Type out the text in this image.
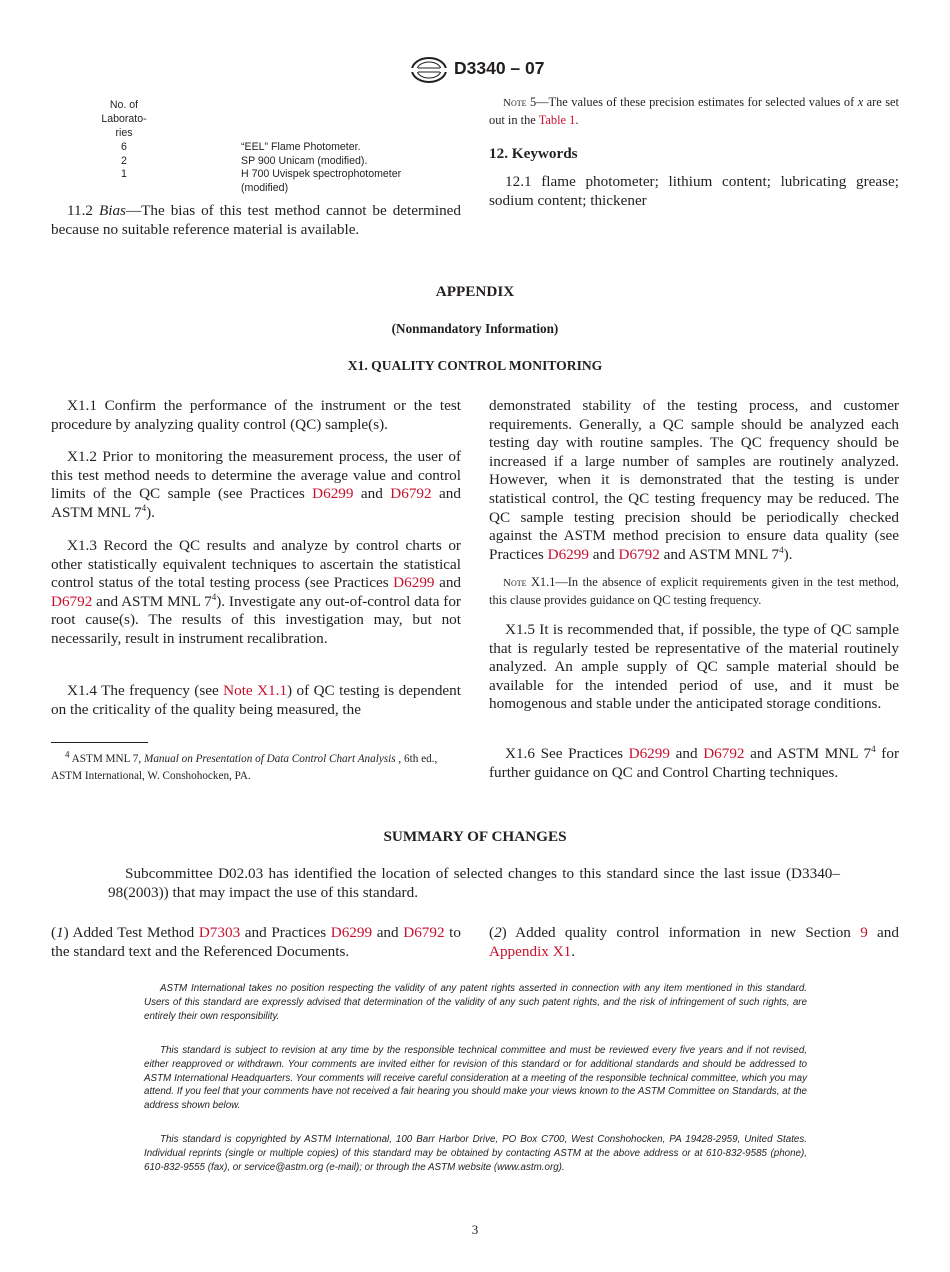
D3340 – 07
No. of
Laborato-
ries
6	“EEL” Flame Photometer.
2	SP 900 Unicam (modified).
1	H 700 Uvispek spectrophotometer
(modified)

11.2 Bias—The bias of this test method cannot be determined because no suitable reference material is available.

Note 5—The values of these precision estimates for selected values of x are set out in the Table 1.

12. Keywords

12.1 flame photometer; lithium content; lubricating grease; sodium content; thickener

APPENDIX
(Nonmandatory Information)
X1. QUALITY CONTROL MONITORING

X1.1 Confirm the performance of the instrument or the test procedure by analyzing quality control (QC) sample(s).

X1.2 Prior to monitoring the measurement process, the user of this test method needs to determine the average value and control limits of the QC sample (see Practices D6299 and D6792 and ASTM MNL $7^4$).

X1.3 Record the QC results and analyze by control charts or other statistically equivalent techniques to ascertain the statistical control status of the total testing process (see Practices D6299 and D6792 and ASTM MNL $7^4$). Investigate any out-of-control data for root cause(s). The results of this investigation may, but not necessarily, result in instrument recalibration.

X1.4 The frequency (see Note X1.1) of QC testing is dependent on the criticality of the quality being measured, the

$^4$ ASTM MNL 7, Manual on Presentation of Data Control Chart Analysis , 6th ed., ASTM International, W. Conshohocken, PA.

demonstrated stability of the testing process, and customer requirements. Generally, a QC sample should be analyzed each testing day with routine samples. The QC frequency should be increased if a large number of samples are routinely analyzed. However, when it is demonstrated that the testing is under statistical control, the QC testing frequency may be reduced. The QC sample testing precision should be periodically checked against the ASTM method precision to ensure data quality (see Practices D6299 and D6792 and ASTM MNL $7^4$).

Note X1.1—In the absence of explicit requirements given in the test method, this clause provides guidance on QC testing frequency.

X1.5 It is recommended that, if possible, the type of QC sample that is regularly tested be representative of the material routinely analyzed. An ample supply of QC sample material should be available for the intended period of use, and it must be homogenous and stable under the anticipated storage conditions.

X1.6 See Practices D6299 and D6792 and ASTM MNL $7^4$ for further guidance on QC and Control Charting techniques.

SUMMARY OF CHANGES

Subcommittee D02.03 has identified the location of selected changes to this standard since the last issue (D3340–98(2003)) that may impact the use of this standard.

(1) Added Test Method D7303 and Practices D6299 and D6792 to the standard text and the Referenced Documents.

(2) Added quality control information in new Section 9 and Appendix X1.

ASTM International takes no position respecting the validity of any patent rights asserted in connection with any item mentioned in this standard. Users of this standard are expressly advised that determination of the validity of any such patent rights, and the risk of infringement of such rights, are entirely their own responsibility.

This standard is subject to revision at any time by the responsible technical committee and must be reviewed every five years and if not revised, either reapproved or withdrawn. Your comments are invited either for revision of this standard or for additional standards and should be addressed to ASTM International Headquarters. Your comments will receive careful consideration at a meeting of the responsible technical committee, which you may attend. If you feel that your comments have not received a fair hearing you should make your views known to the ASTM Committee on Standards, at the address shown below.

This standard is copyrighted by ASTM International, 100 Barr Harbor Drive, PO Box C700, West Conshohocken, PA 19428-2959, United States. Individual reprints (single or multiple copies) of this standard may be obtained by contacting ASTM at the above address or at 610-832-9585 (phone), 610-832-9555 (fax), or service@astm.org (e-mail); or through the ASTM website (www.astm.org).

3
